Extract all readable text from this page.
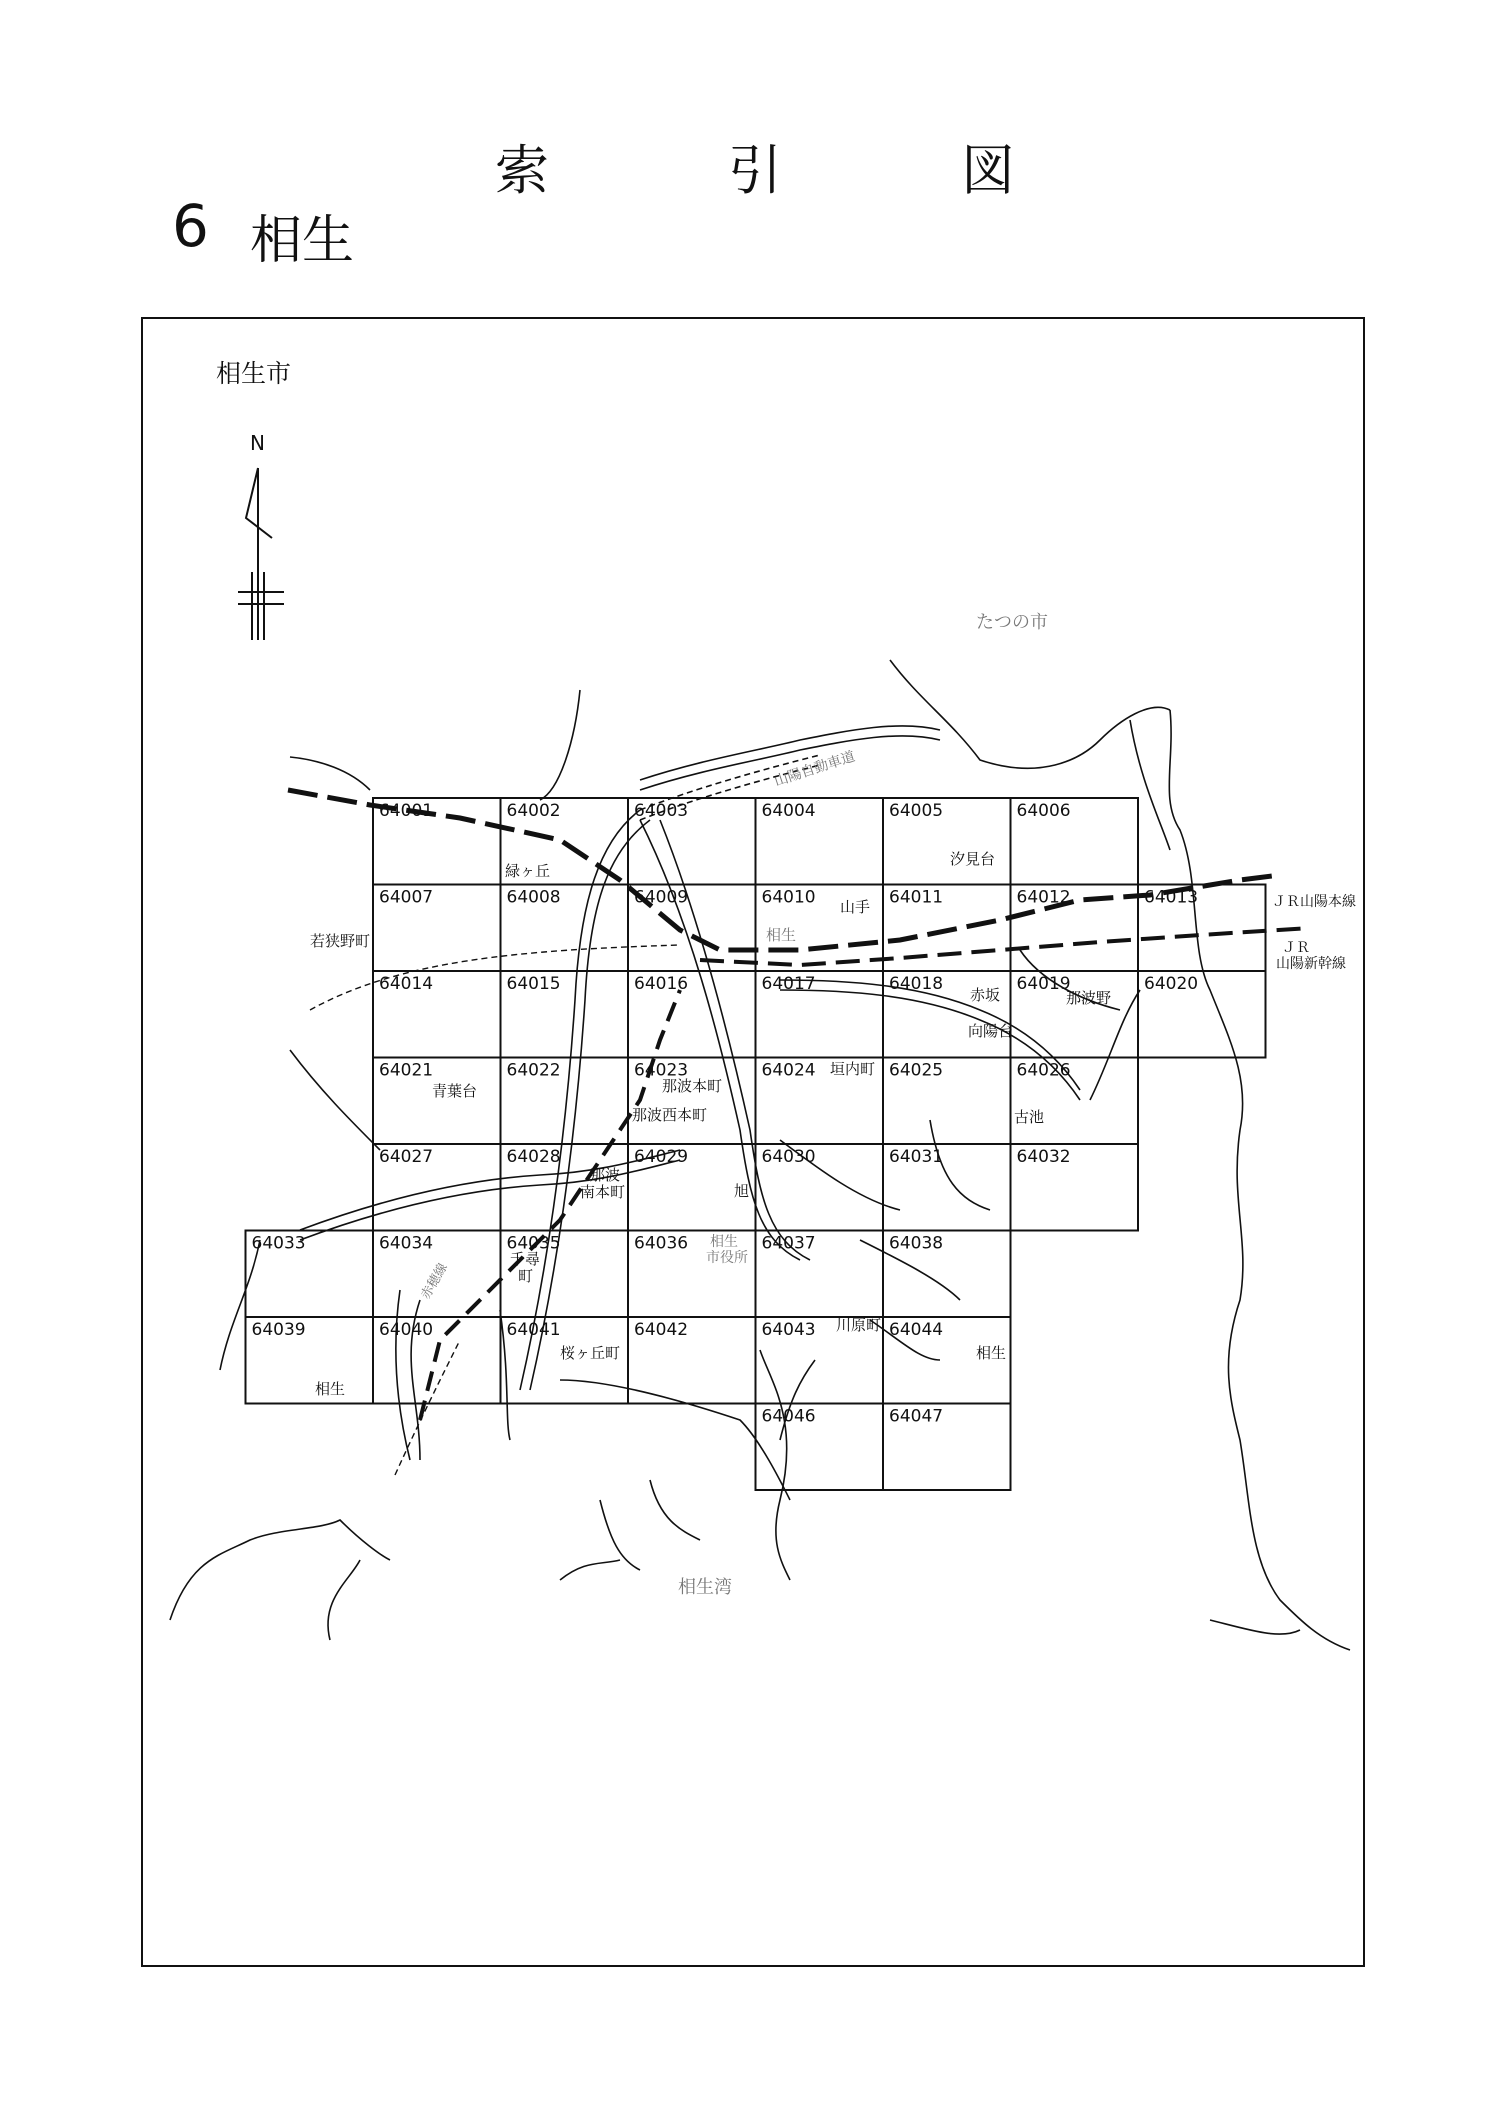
索	引	図
6 相生
相生市
N
たつの市
64001	64002	64003	64004	64005	64006
64007	64008	64009	64010	64011	64012	64013
64014	64015	64016	64017	64018	64019	64020
64021	64022	64023	64024	64025	64026
64027	64028	64029	64030	64031	64032
64033	64034	64035	64036	64037	64038
64039	64040	64041	64042	64043	64044
64046	64047
緑ヶ丘
汐見台
若狭野町
山手
相生
赤坂	那波野
向陽台
青葉台	那波本町
那波西本町
垣内町
古池
那波
南本町	旭
相生
市役所
千尋
町
桜ヶ丘町
川原町
相生
相生
相生湾
山陽自動車道
ＪＲ山陽本線
ＪＲ
山陽新幹線
赤穂線
